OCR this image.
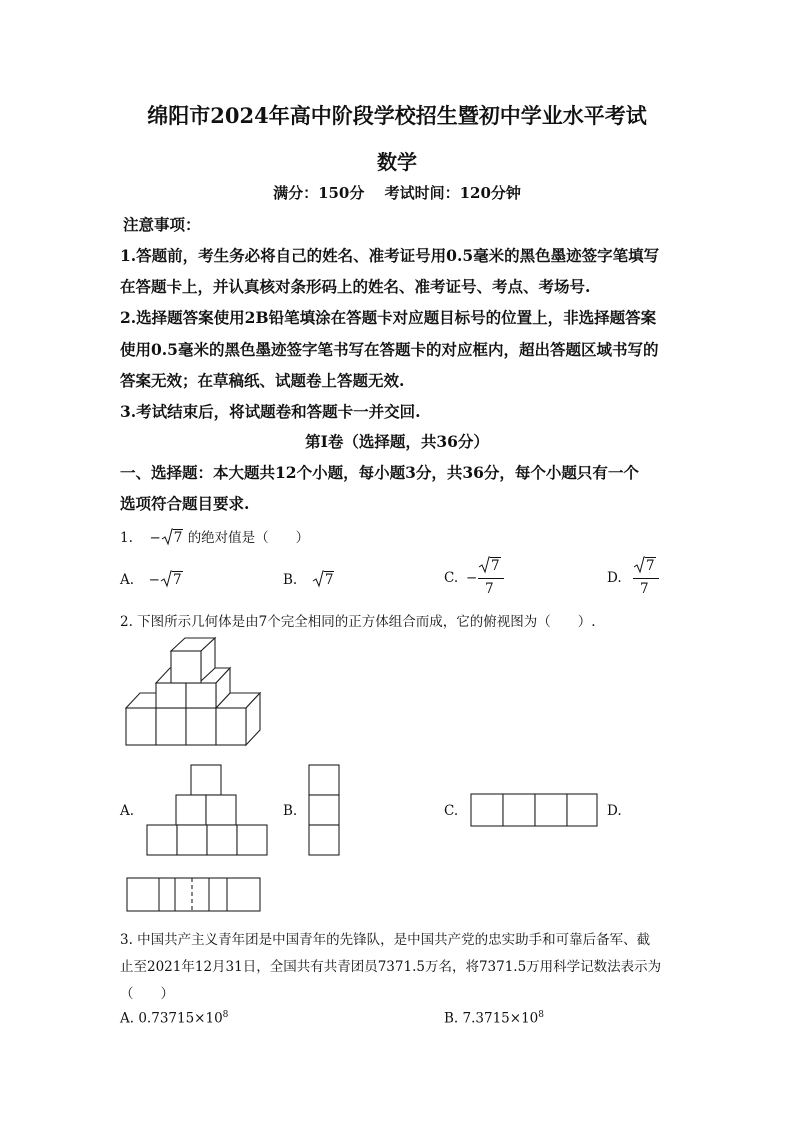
绵阳市2024年高中阶段学校招生暨初中学业水平考试
数学
满分：150分　 考试时间：120分钟
注意事项：
1.答题前，考生务必将自己的姓名、准考证号用0.5毫米的黑色墨迹签字笔填写
在答题卡上，并认真核对条形码上的姓名、准考证号、考点、考场号.
2.选择题答案使用2B铅笔填涂在答题卡对应题目标号的位置上，非选择题答案
使用0.5毫米的黑色墨迹签字笔书写在答题卡的对应框内，超出答题区域书写的
答案无效；在草稿纸、试题卷上答题无效.
3.考试结束后，将试题卷和答题卡一并交回.
第Ⅰ卷（选择题，共36分）
一、选择题：本大题共12个小题，每小题3分，共36分，每个小题只有一个
选项符合题目要求.
1. − 7 的绝对值是（　　）
A. − 7	B. 7	C. −
7
7
D.
7
7
2. 下图所示几何体是由7个完全相同的正方体组合而成，它的俯视图为（　　）.
A.	B.	C.	D.
3. 中国共产主义青年团是中国青年的先锋队，是中国共产党的忠实助手和可靠后备军、截
止至2021年12月31日，全国共有共青团员7371.5万名，将7371.5万用科学记数法表示为
（　　）
A. $0.73715\times 10^8$	B. $7.3715\times 10^8$
